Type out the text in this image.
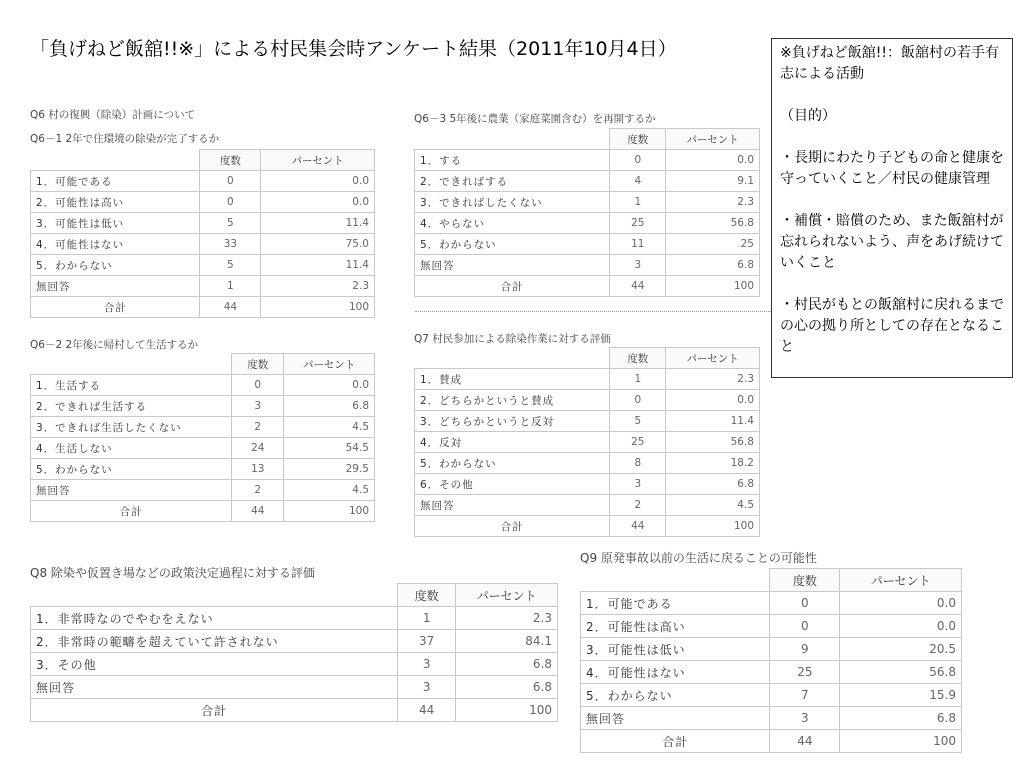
「負げねど飯舘!!※」による村民集会時アンケート結果（2011年10月4日）	※負げねど飯舘!!：飯舘村の若手有志による活動

（目的）

・長期にわたり子どもの命と健康を守っていくこと／村民の健康管理

・補償・賠償のため、また飯舘村が忘れられないよう、声をあげ続けていくこと

・村民がもとの飯舘村に戻れるまでの心の拠り所としての存在となること

Q6 村の復興（除染）計画について
Q6－1 2年で住環境の除染が完了するか
	度数	パーセント
1．可能である	0	0.0
2．可能性は高い	0	0.0
3．可能性は低い	5	11.4
4．可能性はない	33	75.0
5．わからない	5	11.4
無回答	1	2.3
合計	44	100
Q6－2 2年後に帰村して生活するか
	度数	パーセント
1．生活する	0	0.0
2．できれば生活する	3	6.8
3．できれば生活したくない	2	4.5
4．生活しない	24	54.5
5．わからない	13	29.5
無回答	2	4.5
合計	44	100
Q6－3 5年後に農業（家庭菜園含む）を再開するか
	度数	パーセント
1．する	0	0.0
2．できればする	4	9.1
3．できればしたくない	1	2.3
4．やらない	25	56.8
5．わからない	11	25
無回答	3	6.8
合計	44	100
Q7 村民参加による除染作業に対する評価
	度数	パーセント
1．賛成	1	2.3
2．どちらかというと賛成	0	0.0
3．どちらかというと反対	5	11.4
4．反対	25	56.8
5．わからない	8	18.2
6．その他	3	6.8
無回答	2	4.5
合計	44	100
Q8 除染や仮置き場などの政策決定過程に対する評価
	度数	パーセント
1．非常時なのでやむをえない	1	2.3
2．非常時の範疇を超えていて許されない	37	84.1
3．その他	3	6.8
無回答	3	6.8
合計	44	100
Q9 原発事故以前の生活に戻ることの可能性
	度数	パーセント
1．可能である	0	0.0
2．可能性は高い	0	0.0
3．可能性は低い	9	20.5
4．可能性はない	25	56.8
5．わからない	7	15.9
無回答	3	6.8
合計	44	100
